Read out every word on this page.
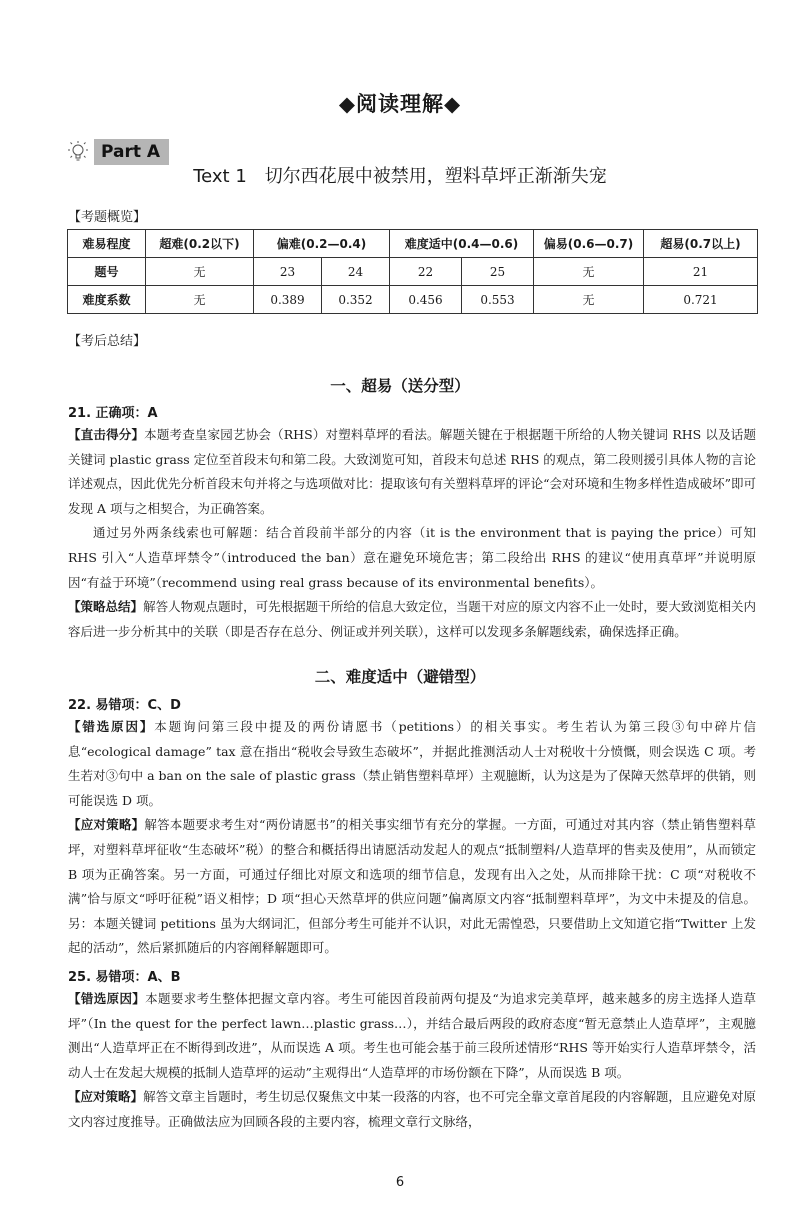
◆阅读理解◆
Part A
Text 1　切尔西花展中被禁用，塑料草坪正渐渐失宠
【考题概览】
难易程度	超难(0.2以下)	偏难(0.2—0.4)		难度适中(0.4—0.6)		偏易(0.6—0.7)	超易(0.7以上)
题号	无	23	24	22	25	无	21
难度系数	无	0.389	0.352	0.456	0.553	无	0.721
【考后总结】
一、超易（送分型）
21. 正确项：A

【直击得分】本题考查皇家园艺协会（RHS）对塑料草坪的看法。解题关键在于根据题干所给的人物关键词 RHS 以及话题关键词 plastic grass 定位至首段末句和第二段。大致浏览可知，首段末句总述 RHS 的观点，第二段则援引具体人物的言论详述观点，因此优先分析首段末句并将之与选项做对比：提取该句有关塑料草坪的评论“会对环境和生物多样性造成破坏”即可发现 A 项与之相契合，为正确答案。

通过另外两条线索也可解题：结合首段前半部分的内容（it is the environment that is paying the price）可知 RHS 引入“人造草坪禁令”（introduced the ban）意在避免环境危害；第二段给出 RHS 的建议“使用真草坪”并说明原因“有益于环境”（recommend using real grass because of its environmental benefits）。

【策略总结】解答人物观点题时，可先根据题干所给的信息大致定位，当题干对应的原文内容不止一处时，要大致浏览相关内容后进一步分析其中的关联（即是否存在总分、例证或并列关联），这样可以发现多条解题线索，确保选择正确。

二、难度适中（避错型）
22. 易错项：C、D

【错选原因】本题询问第三段中提及的两份请愿书（petitions）的相关事实。考生若认为第三段③句中碎片信息“ecological damage” tax 意在指出“税收会导致生态破坏”，并据此推测活动人士对税收十分愤慨，则会误选 C 项。考生若对③句中 a ban on the sale of plastic grass（禁止销售塑料草坪）主观臆断，认为这是为了保障天然草坪的供销，则可能误选 D 项。

【应对策略】解答本题要求考生对“两份请愿书”的相关事实细节有充分的掌握。一方面，可通过对其内容（禁止销售塑料草坪，对塑料草坪征收“生态破坏”税）的整合和概括得出请愿活动发起人的观点“抵制塑料/人造草坪的售卖及使用”，从而锁定 B 项为正确答案。另一方面，可通过仔细比对原文和选项的细节信息，发现有出入之处，从而排除干扰：C 项“对税收不满”恰与原文“呼吁征税”语义相悖；D 项“担心天然草坪的供应问题”偏离原文内容“抵制塑料草坪”，为文中未提及的信息。另：本题关键词 petitions 虽为大纲词汇，但部分考生可能并不认识，对此无需惶恐，只要借助上文知道它指“Twitter 上发起的活动”，然后紧抓随后的内容阐释解题即可。

25. 易错项：A、B

【错选原因】本题要求考生整体把握文章内容。考生可能因首段前两句提及“为追求完美草坪，越来越多的房主选择人造草坪”（In the quest for the perfect lawn…plastic grass…），并结合最后两段的政府态度“暂无意禁止人造草坪”，主观臆测出“人造草坪正在不断得到改进”，从而误选 A 项。考生也可能会基于前三段所述情形“RHS 等开始实行人造草坪禁令，活动人士在发起大规模的抵制人造草坪的运动”主观得出“人造草坪的市场份额在下降”，从而误选 B 项。

【应对策略】解答文章主旨题时，考生切忌仅聚焦文中某一段落的内容，也不可完全靠文章首尾段的内容解题，且应避免对原文内容过度推导。正确做法应为回顾各段的主要内容，梳理文章行文脉络，

6
